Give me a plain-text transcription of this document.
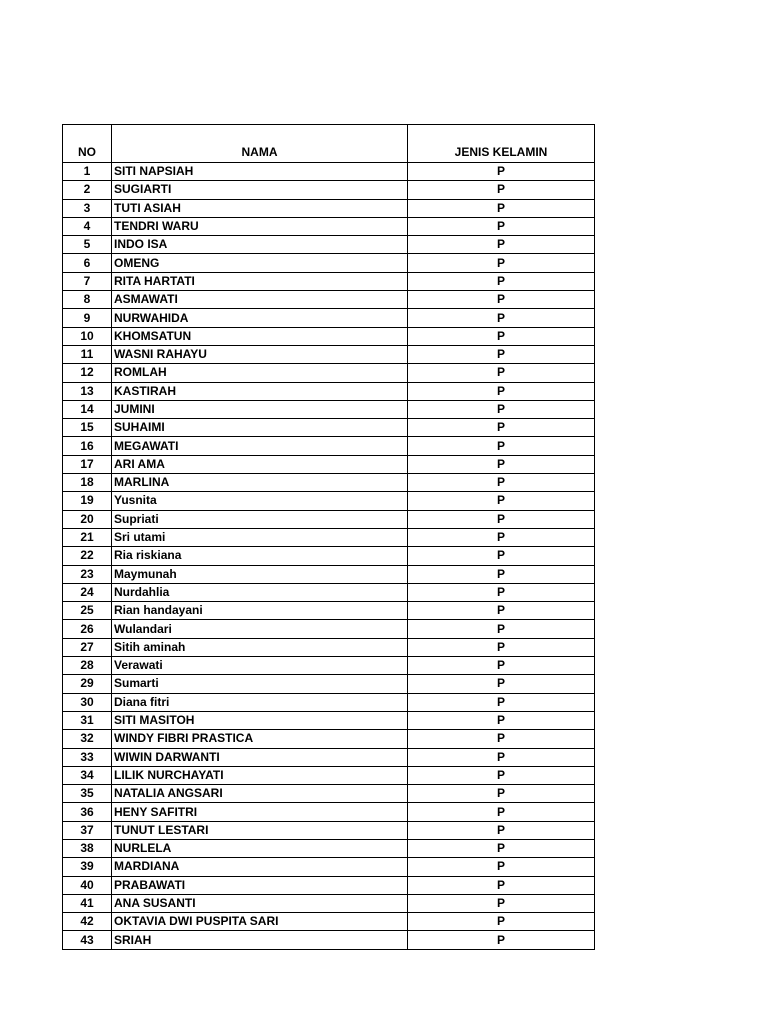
NO	NAMA	JENIS KELAMIN
1	SITI NAPSIAH	P
2	SUGIARTI	P
3	TUTI ASIAH	P
4	TENDRI WARU	P
5	INDO ISA	P
6	OMENG	P
7	RITA HARTATI	P
8	ASMAWATI	P
9	NURWAHIDA	P
10	KHOMSATUN	P
11	WASNI RAHAYU	P
12	ROMLAH	P
13	KASTIRAH	P
14	JUMINI	P
15	SUHAIMI	P
16	MEGAWATI	P
17	ARI AMA	P
18	MARLINA	P
19	Yusnita	P
20	Supriati	P
21	Sri utami	P
22	Ria riskiana	P
23	Maymunah	P
24	Nurdahlia	P
25	Rian handayani	P
26	Wulandari	P
27	Sitih aminah	P
28	Verawati	P
29	Sumarti	P
30	Diana fitri	P
31	SITI MASITOH	P
32	WINDY FIBRI PRASTICA	P
33	WIWIN DARWANTI	P
34	LILIK NURCHAYATI	P
35	NATALIA ANGSARI	P
36	HENY SAFITRI	P
37	TUNUT LESTARI	P
38	NURLELA	P
39	MARDIANA	P
40	PRABAWATI	P
41	ANA SUSANTI	P
42	OKTAVIA DWI PUSPITA SARI	P
43	SRIAH	P
